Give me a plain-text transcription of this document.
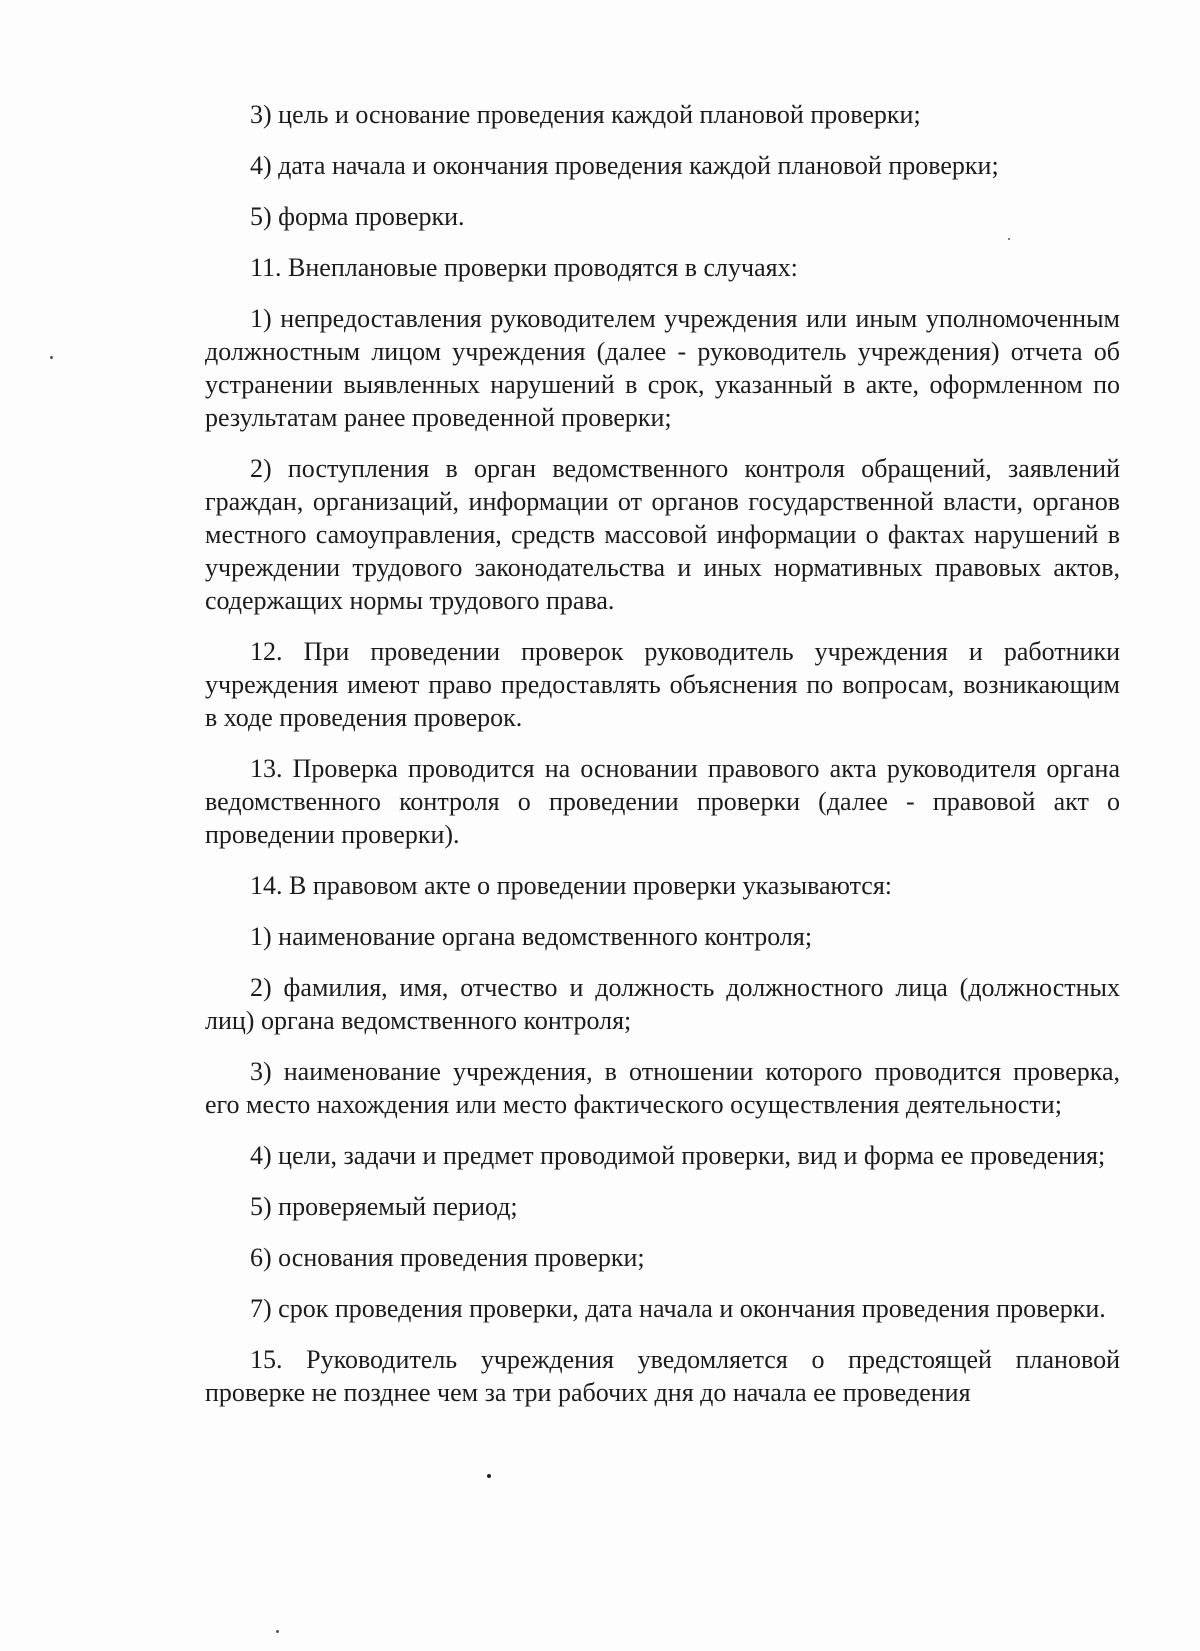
3) цель и основание проведения каждой плановой проверки;

4) дата начала и окончания проведения каждой плановой проверки;

5) форма проверки.

11. Внеплановые проверки проводятся в случаях:

1) непредоставления руководителем учреждения или иным уполномоченным должностным лицом учреждения (далее - руководитель учреждения) отчета об устранении выявленных нарушений в срок, указанный в акте, оформленном по результатам ранее проведенной проверки;

2) поступления в орган ведомственного контроля обращений, заявлений граждан, организаций, информации от органов государственной власти, органов местного самоуправления, средств массовой информации о фактах нарушений в учреждении трудового законодательства и иных нормативных правовых актов, содержащих нормы трудового права.

12. При проведении проверок руководитель учреждения и работники учреждения имеют право предоставлять объяснения по вопросам, возникающим в ходе проведения проверок.

13. Проверка проводится на основании правового акта руководителя органа ведомственного контроля о проведении проверки (далее - правовой акт о проведении проверки).

14. В правовом акте о проведении проверки указываются:

1) наименование органа ведомственного контроля;

2) фамилия, имя, отчество и должность должностного лица (должностных лиц) органа ведомственного контроля;

3) наименование учреждения, в отношении которого проводится проверка, его место нахождения или место фактического осуществления деятельности;

4) цели, задачи и предмет проводимой проверки, вид и форма ее проведения;

5) проверяемый период;

6) основания проведения проверки;

7) срок проведения проверки, дата начала и окончания проведения проверки.

15. Руководитель учреждения уведомляется о предстоящей плановой проверке не позднее чем за три рабочих дня до начала ее проведения
